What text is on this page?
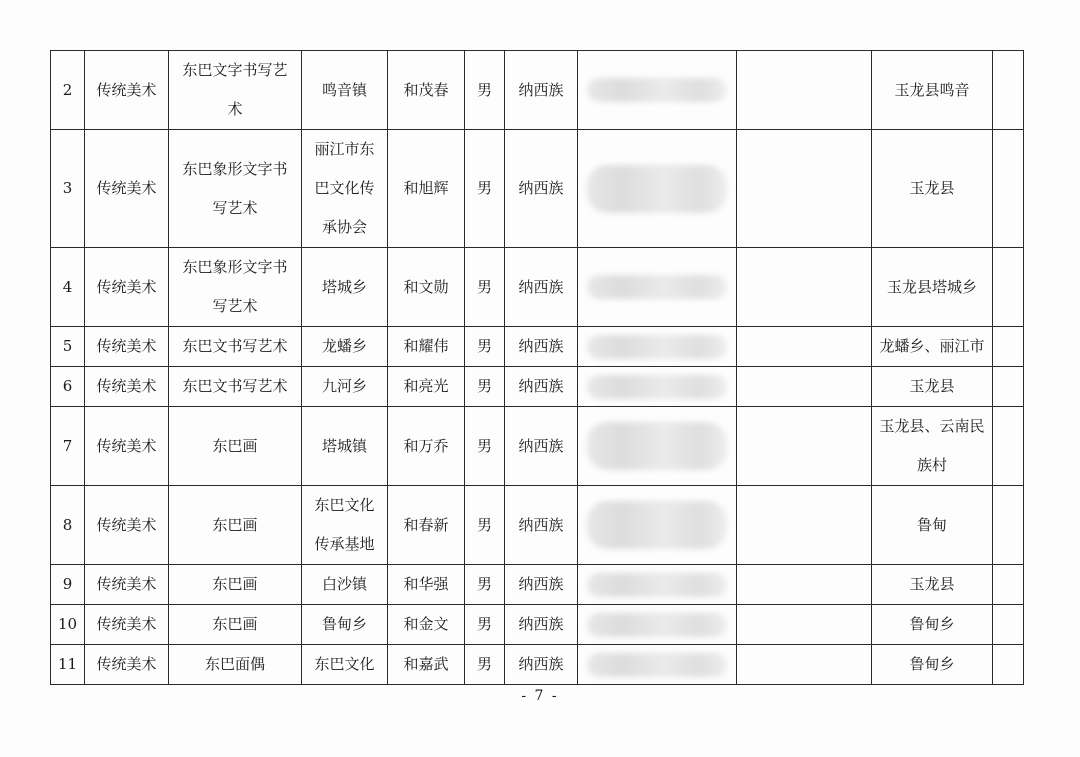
2	传统美术	东巴文字书写艺
术	鸣音镇	和茂春	男	纳西族			玉龙县鸣音	
3	传统美术	东巴象形文字书
写艺术	丽江市东
巴文化传
承协会	和旭辉	男	纳西族			玉龙县	
4	传统美术	东巴象形文字书
写艺术	塔城乡	和文勋	男	纳西族			玉龙县塔城乡	
5	传统美术	东巴文书写艺术	龙蟠乡	和耀伟	男	纳西族			龙蟠乡、丽江市	
6	传统美术	东巴文书写艺术	九河乡	和亮光	男	纳西族			玉龙县	
7	传统美术	东巴画	塔城镇	和万乔	男	纳西族			玉龙县、云南民
族村	

8	传统美术	东巴画	东巴文化
传承基地	和春新	男	纳西族			鲁甸	
9	传统美术	东巴画	白沙镇	和华强	男	纳西族			玉龙县	
10	传统美术	东巴画	鲁甸乡	和金文	男	纳西族			鲁甸乡	
11	传统美术	东巴面偶	东巴文化	和嘉武	男	纳西族			鲁甸乡	
- 7 -
